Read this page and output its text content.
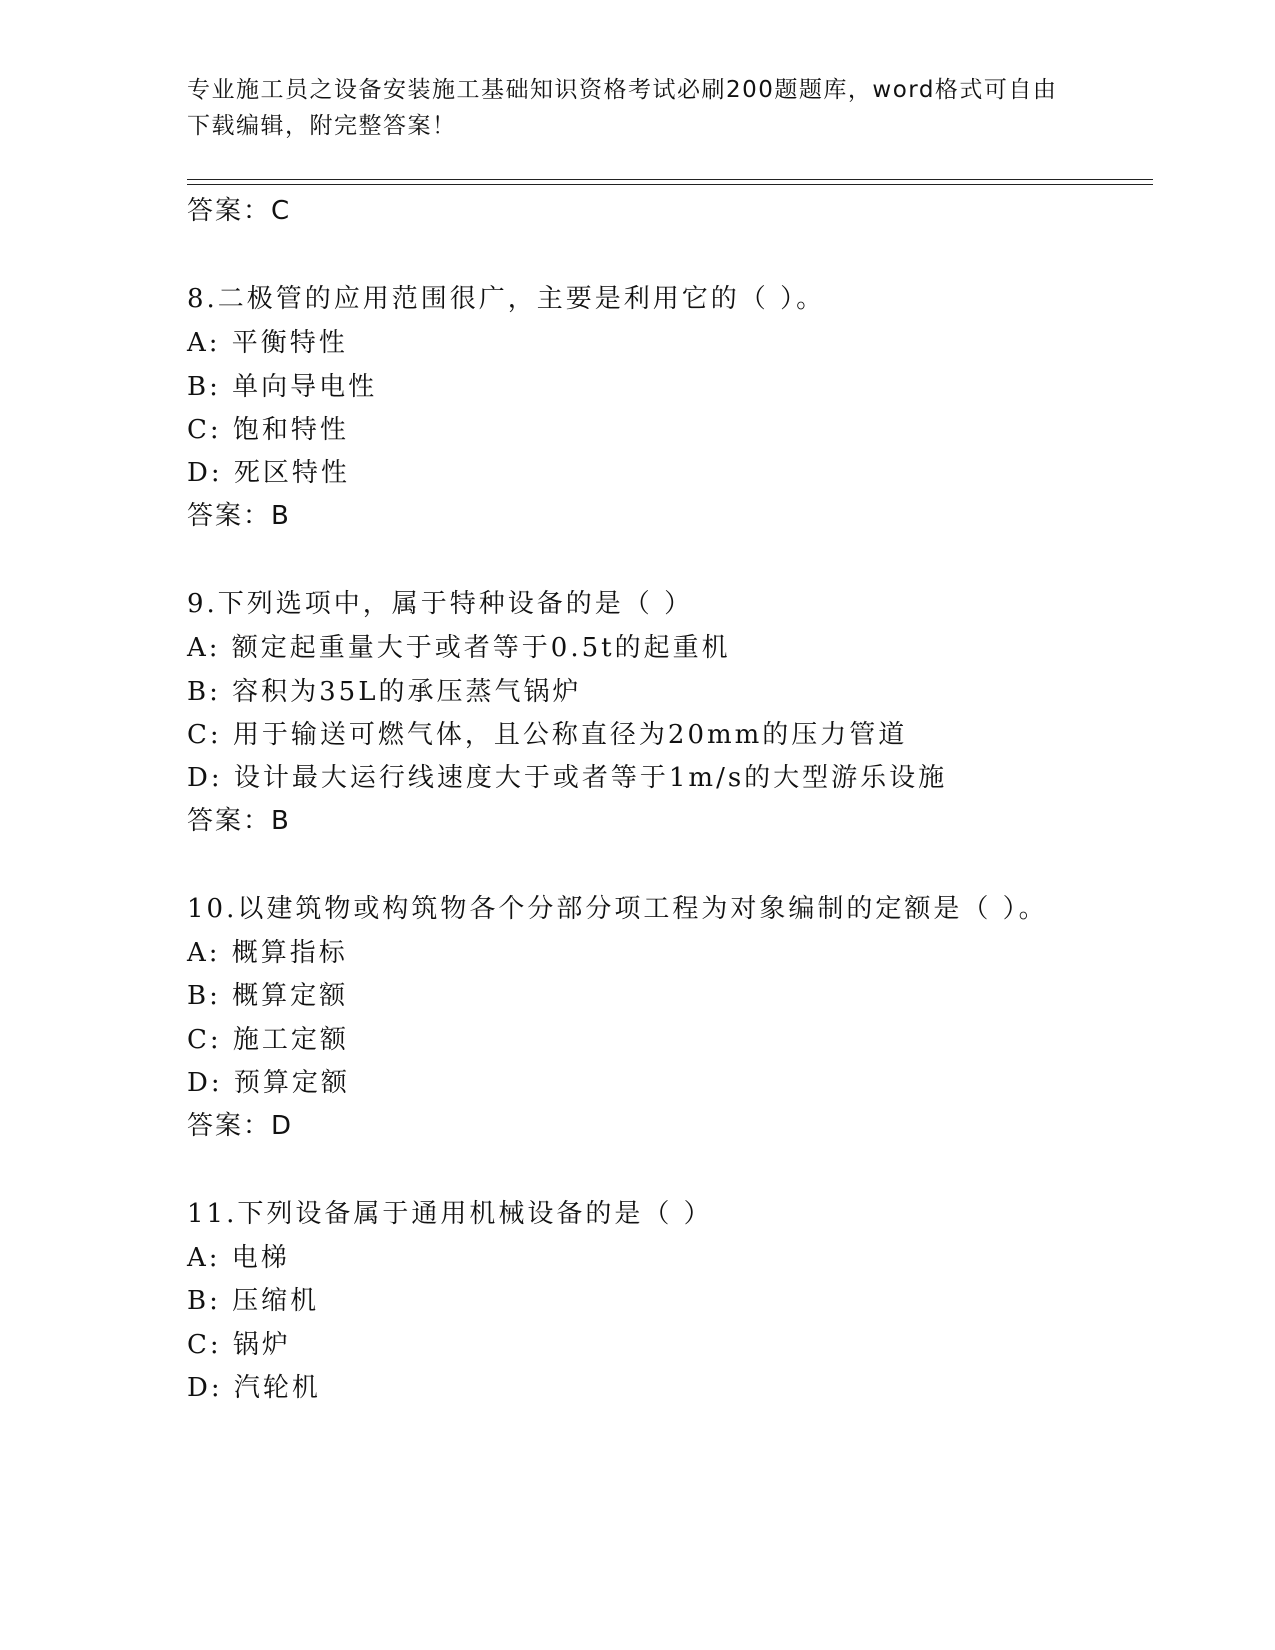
专业施工员之设备安装施工基础知识资格考试必刷200题题库，word格式可自由
下载编辑，附完整答案！
答案：C
8.二极管的应用范围很广，主要是利用它的（ ）。
A: 平衡特性
B: 单向导电性
C: 饱和特性
D: 死区特性
答案：B
9.下列选项中，属于特种设备的是（ ）
A: 额定起重量大于或者等于0.5t的起重机
B: 容积为35L的承压蒸气锅炉
C: 用于输送可燃气体，且公称直径为20mm的压力管道
D: 设计最大运行线速度大于或者等于1m/s的大型游乐设施
答案：B
10.以建筑物或构筑物各个分部分项工程为对象编制的定额是（ ）。
A: 概算指标
B: 概算定额
C: 施工定额
D: 预算定额
答案：D
11.下列设备属于通用机械设备的是（ ）
A: 电梯
B: 压缩机
C: 锅炉
D: 汽轮机
